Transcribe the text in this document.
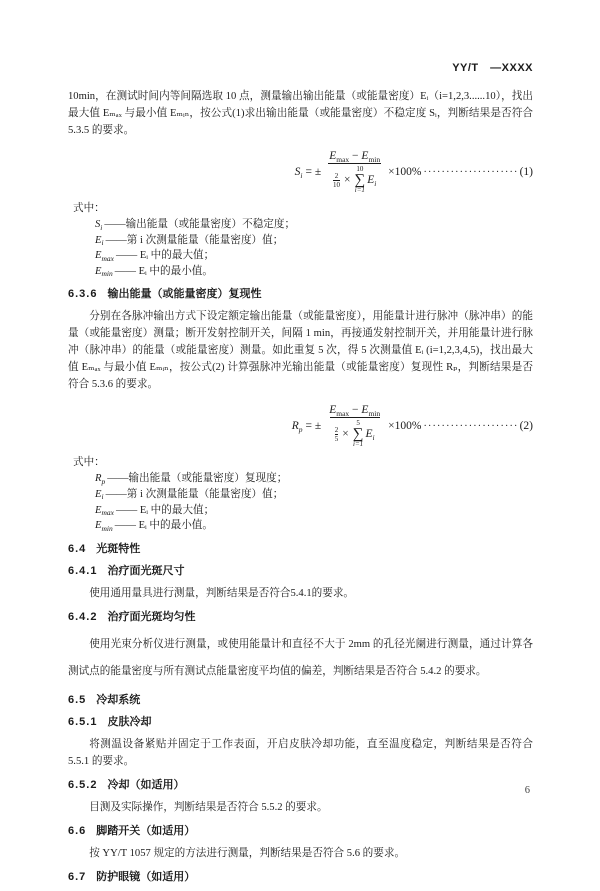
YY/T　—XXXX

10min，在测试时间内等间隔选取 10 点，测量输出输出能量（或能量密度）Eᵢ（i=1,2,3......10），找出最大值 Eₘₐₓ 与最小值 Eₘᵢₙ，按公式(1)求出输出能量（或能量密度）不稳定度 Sᵢ，判断结果是否符合 5.3.5 的要求。

S i = ±
$E_{max} - E_{min}$
$\frac{2}{10}$ ×
10
∑
i=1
E i
×100% ····················· (1)
式中：
$S_i$ ——输出能量（或能量密度）不稳定度；
$E_i$ ——第 i 次测量能量（能量密度）值；
$E_{max}$ —— Eᵢ 中的最大值；
$E_{min}$ —— Eᵢ 中的最小值。
6.3.6 输出能量（或能量密度）复现性

分别在各脉冲输出方式下设定额定输出能量（或能量密度），用能量计进行脉冲（脉冲串）的能量（或能量密度）测量；断开发射控制开关，间隔 1 min，再接通发射控制开关，并用能量计进行脉冲（脉冲串）的能量（或能量密度）测量。如此重复 5 次，得 5 次测量值 Eᵢ (i=1,2,3,4,5)，找出最大值 Eₘₐₓ 与最小值 Eₘᵢₙ，按公式(2) 计算强脉冲光输出能量（或能量密度）复现性 Rₚ，判断结果是否符合 5.3.6 的要求。

R p = ±
$E_{max} - E_{min}$
$\frac{2}{5}$ ×
5
∑
i=1
E i
×100% ····················· (2)
式中：
$R_p$ ——输出能量（或能量密度）复现度；
$E_i$ ——第 i 次测量能量（能量密度）值；
$E_{max}$ —— Eᵢ 中的最大值；
$E_{min}$ —— Eᵢ 中的最小值。
6.4 光斑特性
6.4.1 治疗面光斑尺寸

使用通用量具进行测量，判断结果是否符合5.4.1的要求。

6.4.2 治疗面光斑均匀性

使用光束分析仪进行测量，或使用能量计和直径不大于 2mm 的孔径光阑进行测量，通过计算各测试点的能量密度与所有测试点能量密度平均值的偏差，判断结果是否符合 5.4.2 的要求。

6.5 冷却系统
6.5.1 皮肤冷却

将测温设备紧贴并固定于工作表面，开启皮肤冷却功能，直至温度稳定，判断结果是否符合 5.5.1 的要求。

6.5.2 冷却（如适用）

目测及实际操作，判断结果是否符合 5.5.2 的要求。

6.6 脚踏开关（如适用）

按 YY/T 1057 规定的方法进行测量，判断结果是否符合 5.6 的要求。

6.7 防护眼镜（如适用）
6
